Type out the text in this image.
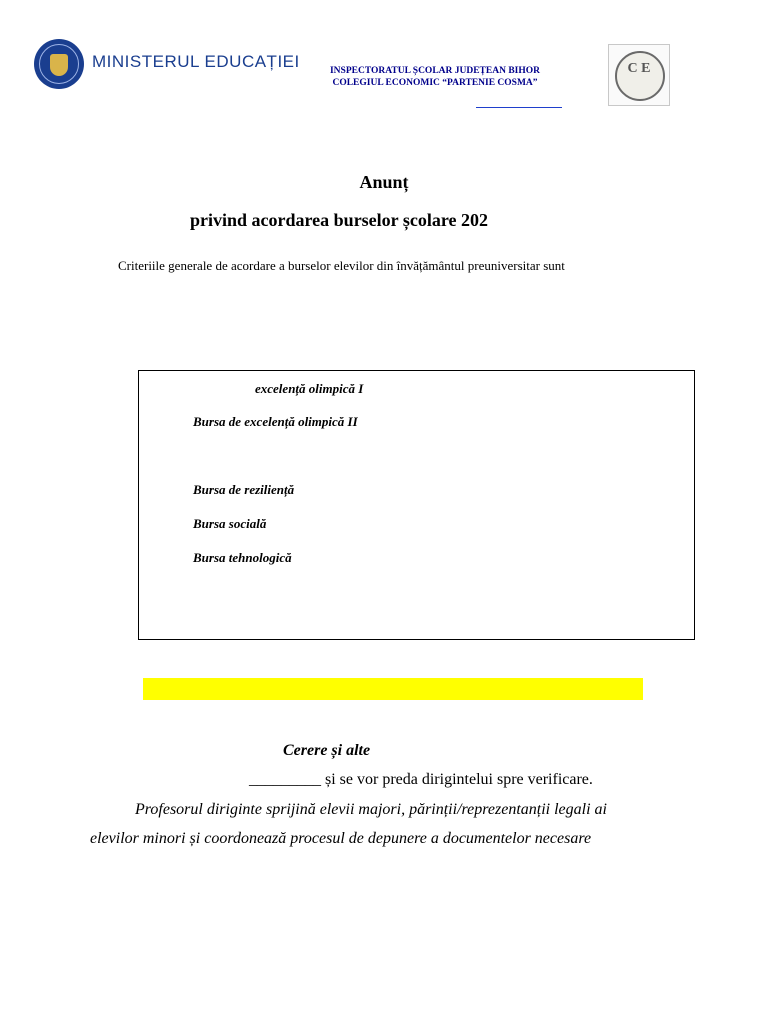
MINISTERUL EDUCAȚIEI	INSPECTORATUL ȘCOLAR JUDEȚEAN BIHOR
COLEGIUL ECONOMIC “PARTENIE COSMA”
C E
Anunț
privind acordarea burselor școlare 202
Criteriile generale de acordare a burselor elevilor din învățământul preuniversitar sunt
excelență olimpică I
Bursa de excelență olimpică II
Bursa de reziliență
Bursa socială
Bursa tehnologică
Cerere și alte
_________ și se vor preda dirigintelui spre verificare.
Profesorul diriginte sprijină elevii majori, părinții/reprezentanții legali ai
elevilor minori și coordonează procesul de depunere a documentelor necesare
